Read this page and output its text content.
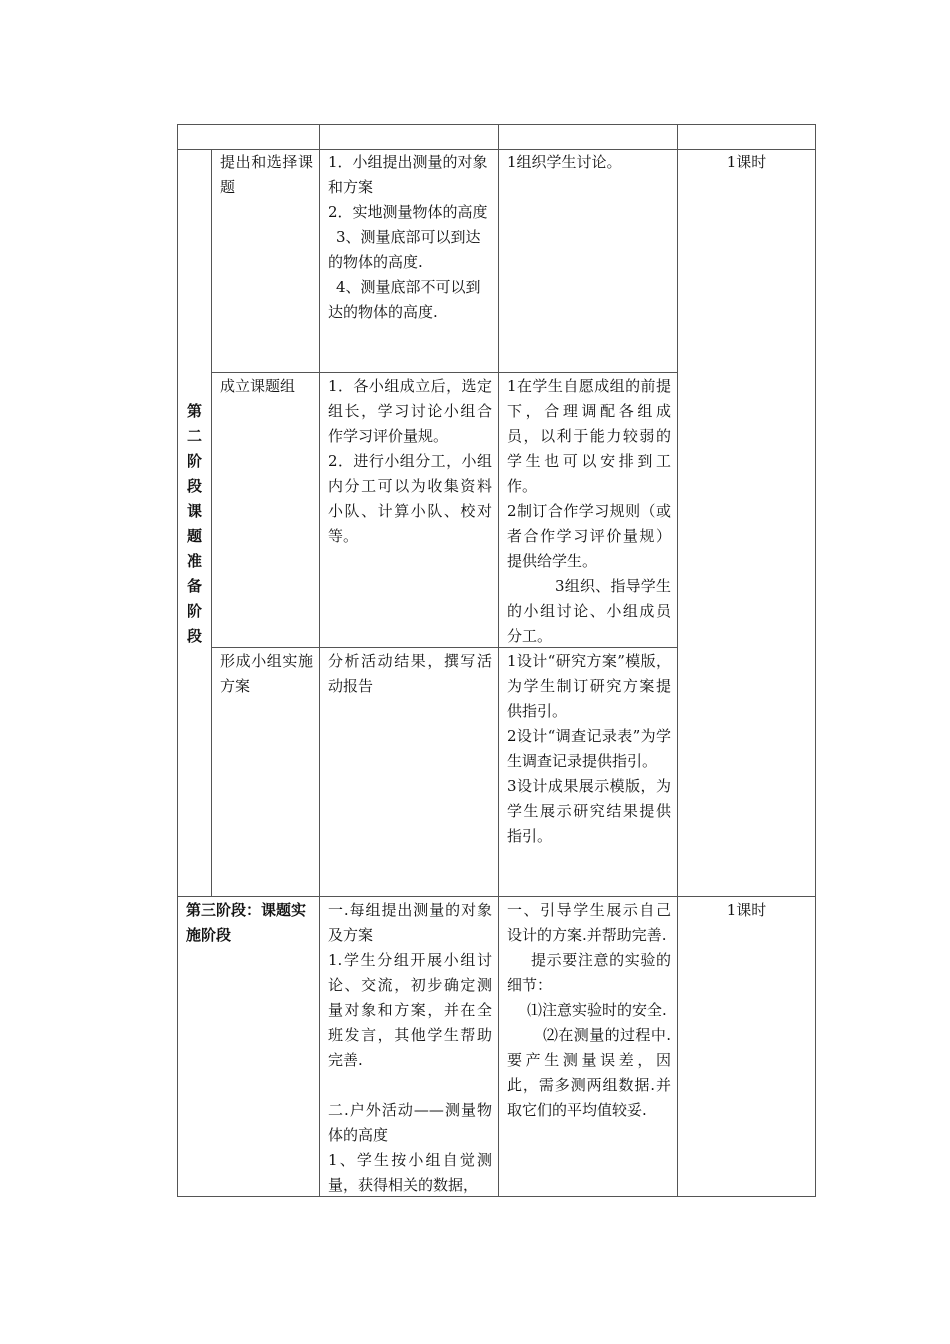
第二阶段课题准备阶段

提出和选择课题

1．小组提出测量的对象和方案

2．实地测量物体的高度

3、测量底部可以到达的物体的高度.

4、测量底部不可以到达的物体的高度.

1组织学生讨论。	1课时

成立课题组	1．各小组成立后，选定组长，学习讨论小组合作学习评价量规。

2．进行小组分工，小组内分工可以为收集资料小队、计算小队、校对等。

1在学生自愿成组的前提下，合理调配各组成员，以利于能力较弱的学生也可以安排到工作。

2制订合作学习规则（或者合作学习评价量规）提供给学生。

3组织、指导学生的小组讨论、小组成员分工。

形成小组实施方案

分析活动结果，撰写活动报告

1设计“研究方案”模版，为学生制订研究方案提供指引。

2设计“调查记录表”为学生调查记录提供指引。

3设计成果展示模版，为学生展示研究结果提供指引。

第三阶段：课题实施阶段

一.每组提出测量的对象及方案

1.学生分组开展小组讨论、交流，初步确定测量对象和方案，并在全班发言，其他学生帮助完善.

二.户外活动——测量物体的高度

1、学生按小组自觉测量，获得相关的数据，

一、引导学生展示自己设计的方案.并帮助完善.

提示要注意的实验的细节：

⑴注意实验时的安全.

⑵在测量的过程中.要产生测量误差，因此，需多测两组数据.并取它们的平均值较妥.

1课时
